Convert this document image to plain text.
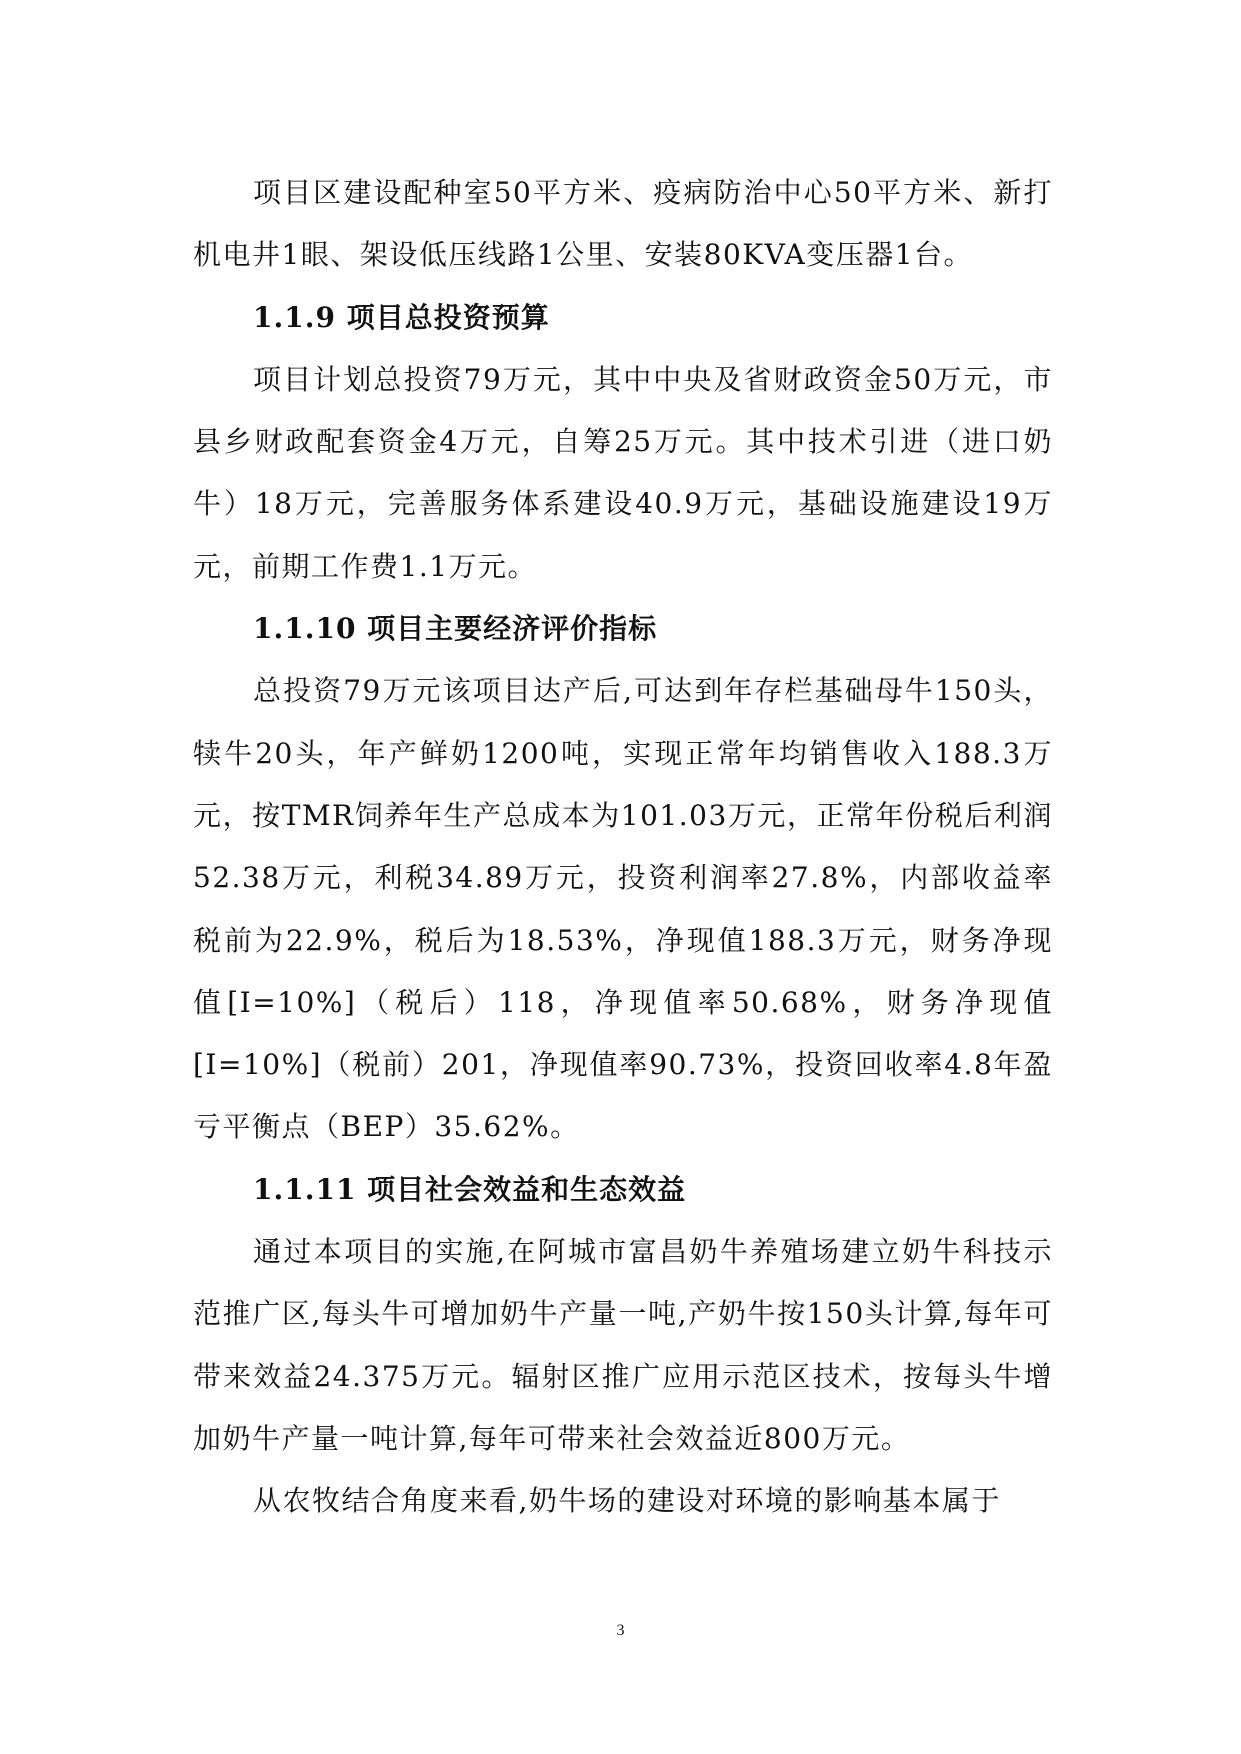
项目区建设配种室50平方米、疫病防治中心50平方米、新打机电井1眼、架设低压线路1公里、安装80KVA变压器1台。

1.1.9 项目总投资预算

项目计划总投资79万元，其中中央及省财政资金50万元，市县乡财政配套资金4万元，自筹25万元。其中技术引进（进口奶牛）18万元，完善服务体系建设40.9万元，基础设施建设19万元，前期工作费1.1万元。

1.1.10 项目主要经济评价指标

总投资79万元该项目达产后,可达到年存栏基础母牛150头，犊牛20头，年产鲜奶1200吨，实现正常年均销售收入188.3万元，按TMR饲养年生产总成本为101.03万元，正常年份税后利润52.38万元，利税34.89万元，投资利润率27.8%，内部收益率税前为22.9%，税后为18.53%，净现值188.3万元，财务净现值[I=10%]（税后）118，净现值率50.68%，财务净现值[I=10%]（税前）201，净现值率90.73%，投资回收率4.8年盈亏平衡点（BEP）35.62%。

1.1.11 项目社会效益和生态效益

通过本项目的实施,在阿城市富昌奶牛养殖场建立奶牛科技示范推广区,每头牛可增加奶牛产量一吨,产奶牛按150头计算,每年可带来效益24.375万元。辐射区推广应用示范区技术，按每头牛增加奶牛产量一吨计算,每年可带来社会效益近800万元。

从农牧结合角度来看,奶牛场的建设对环境的影响基本属于

3
